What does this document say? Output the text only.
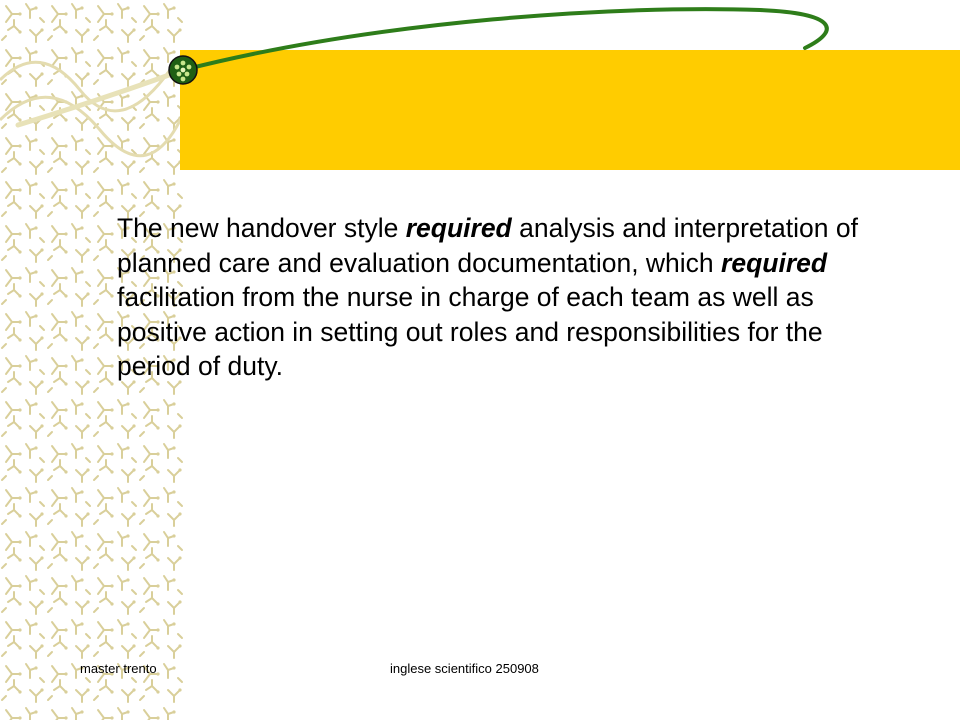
The new handover style required analysis and interpretation of planned care and evaluation documentation, which required facilitation from the nurse in charge of each team as well as positive action in setting out roles and responsibilities for the period of duty.

master trento	inglese scientifico 250908
